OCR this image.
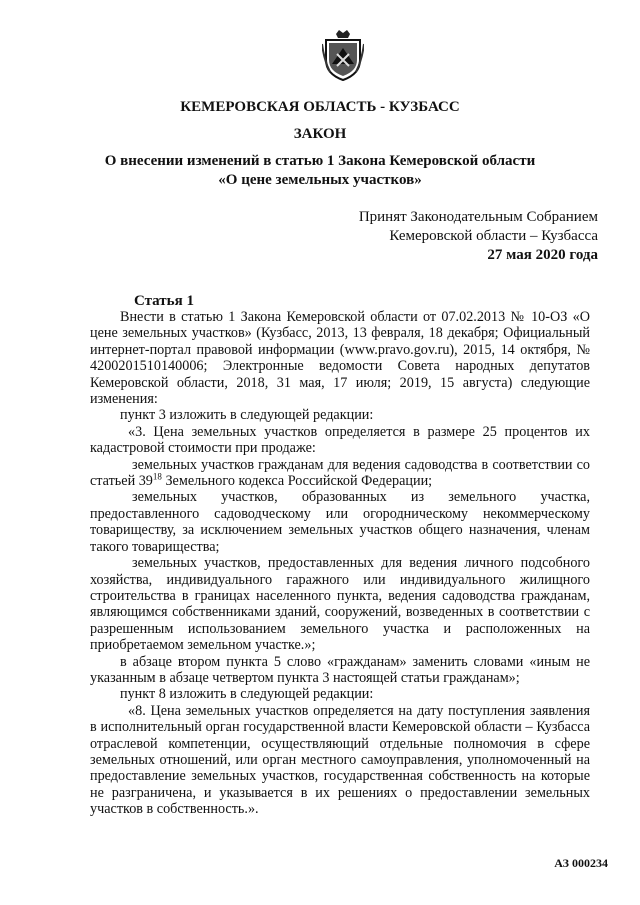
КЕМЕРОВСКАЯ ОБЛАСТЬ - КУЗБАСС
ЗАКОН
О внесении изменений в статью 1 Закона Кемеровской области
«О цене земельных участков»
Принят Законодательным Собранием
Кемеровской области – Кузбасса
27 мая 2020 года
Статья 1

Внести в статью 1 Закона Кемеровской области от 07.02.2013 № 10-ОЗ «О цене земельных участков» (Кузбасс, 2013, 13 февраля, 18 декабря; Официальный интернет-портал правовой информации (www.pravo.gov.ru), 2015, 14 октября, № 4200201510140006; Электронные ведомости Совета народных депутатов Кемеровской области, 2018, 31 мая, 17 июля; 2019, 15 августа) следующие изменения:

пункт 3 изложить в следующей редакции:

«3. Цена земельных участков определяется в размере 25 процентов их кадастровой стоимости при продаже:

земельных участков гражданам для ведения садоводства в соответствии со статьей $39^{18}$ Земельного кодекса Российской Федерации;

земельных участков, образованных из земельного участка, предоставленного садоводческому или огородническому некоммерческому товариществу, за исключением земельных участков общего назначения, членам такого товарищества;

земельных участков, предоставленных для ведения личного подсобного хозяйства, индивидуального гаражного или индивидуального жилищного строительства в границах населенного пункта, ведения садоводства гражданам, являющимся собственниками зданий, сооружений, возведенных в соответствии с разрешенным использованием земельного участка и расположенных на приобретаемом земельном участке.»;

в абзаце втором пункта 5 слово «гражданам» заменить словами «иным не указанным в абзаце четвертом пункта 3 настоящей статьи гражданам»;

пункт 8 изложить в следующей редакции:

«8. Цена земельных участков определяется на дату поступления заявления в исполнительный орган государственной власти Кемеровской области – Кузбасса отраслевой компетенции, осуществляющий отдельные полномочия в сфере земельных отношений, или орган местного самоуправления, уполномоченный на предоставление земельных участков, государственная собственность на которые не разграничена, и указывается в их решениях о предоставлении земельных участков в собственность.».

АЗ 000234
